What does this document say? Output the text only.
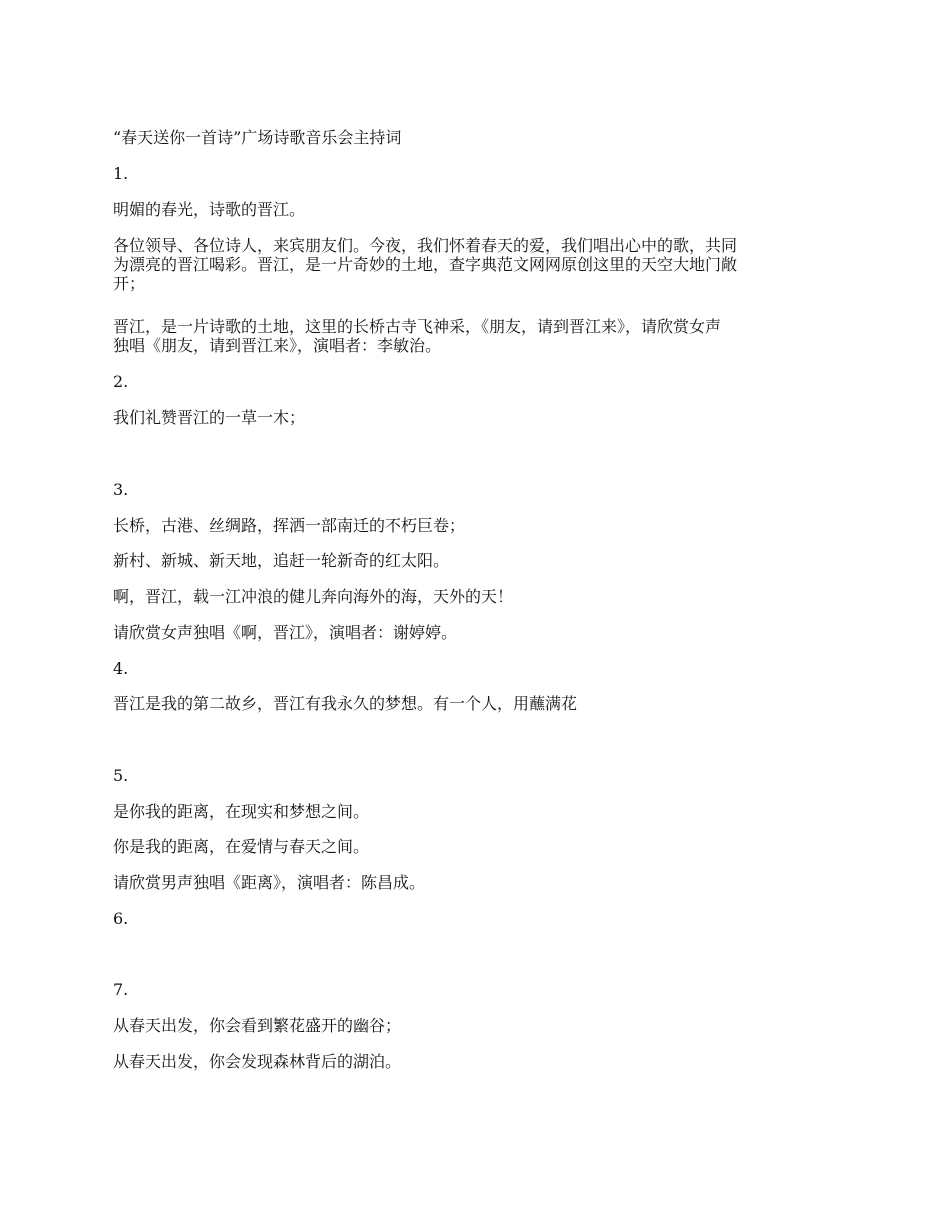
“春天送你一首诗”广场诗歌音乐会主持词

1.

明媚的春光，诗歌的晋江。

各位领导、各位诗人，来宾朋友们。今夜，我们怀着春天的爱，我们唱出心中的歌，共同

为漂亮的晋江喝彩。晋江，是一片奇妙的土地，查字典范文网网原创这里的天空大地门敞

开；

晋江，是一片诗歌的土地，这里的长桥古寺飞神采，《朋友，请到晋江来》，请欣赏女声

独唱《朋友，请到晋江来》，演唱者：李敏治。

2.

我们礼赞晋江的一草一木；

3.

长桥，古港、丝绸路，挥洒一部南迁的不朽巨卷；

新村、新城、新天地，追赶一轮新奇的红太阳。

啊，晋江，载一江冲浪的健儿奔向海外的海，天外的天！

请欣赏女声独唱《啊，晋江》，演唱者：谢婷婷。

4.

晋江是我的第二故乡，晋江有我永久的梦想。有一个人，用蘸满花

5.

是你我的距离，在现实和梦想之间。

你是我的距离，在爱情与春天之间。

请欣赏男声独唱《距离》，演唱者：陈昌成。

6.

7.

从春天出发，你会看到繁花盛开的幽谷；

从春天出发，你会发现森林背后的湖泊。
